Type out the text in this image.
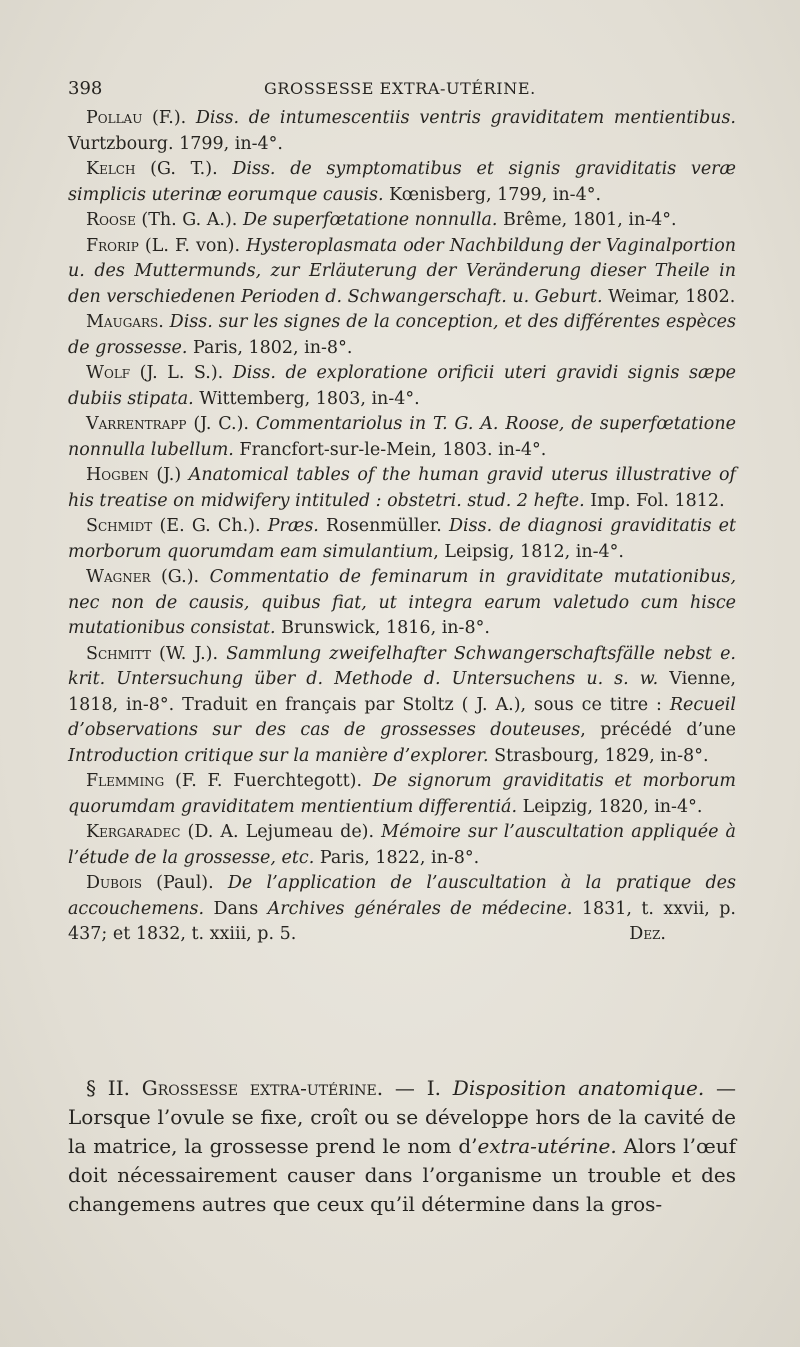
398	GROSSESSE EXTRA-UTÉRINE.

Pollau (F.). Diss. de intumescentiis ventris graviditatem mentientibus. Vurtzbourg. 1799, in-4°.

Kelch (G. T.). Diss. de symptomatibus et signis graviditatis veræ simplicis uterinæ eorumque causis. Kœnisberg, 1799, in-4°.

Roose (Th. G. A.). De superfœtatione nonnulla. Brême, 1801, in-4°.

Frorip (L. F. von). Hysteroplasmata oder Nachbildung der Vaginalportion u. des Muttermunds, zur Erläuterung der Veränderung dieser Theile in den verschiedenen Perioden d. Schwangerschaft. u. Geburt. Weimar, 1802.

Maugars. Diss. sur les signes de la conception, et des différentes espèces de grossesse. Paris, 1802, in-8°.

Wolf (J. L. S.). Diss. de exploratione orificii uteri gravidi signis sæpe dubiis stipata. Wittemberg, 1803, in-4°.

Varrentrapp (J. C.). Commentariolus in T. G. A. Roose, de superfœtatione nonnulla lubellum. Francfort-sur-le-Mein, 1803. in-4°.

Hogben (J.) Anatomical tables of the human gravid uterus illustrative of his treatise on midwifery intituled : obstetri. stud. 2 hefte. Imp. Fol. 1812.

Schmidt (E. G. Ch.). Præs. Rosenmüller. Diss. de diagnosi graviditatis et morborum quorumdam eam simulantium, Leipsig, 1812, in-4°.

Wagner (G.). Commentatio de feminarum in graviditate mutationibus, nec non de causis, quibus fiat, ut integra earum valetudo cum hisce mutationibus consistat. Brunswick, 1816, in-8°.

Schmitt (W. J.). Sammlung zweifelhafter Schwangerschaftsfälle nebst e. krit. Untersuchung über d. Methode d. Untersuchens u. s. w. Vienne, 1818, in-8°. Traduit en français par Stoltz ( J. A.), sous ce titre : Recueil d’observations sur des cas de grossesses douteuses, précédé d’une Introduction critique sur la manière d’explorer. Strasbourg, 1829, in-8°.

Flemming (F. F. Fuerchtegott). De signorum graviditatis et morborum quorumdam graviditatem mentientium differentiá. Leipzig, 1820, in-4°.

Kergaradec (D. A. Lejumeau de). Mémoire sur l’auscultation appliquée à l’étude de la grossesse, etc. Paris, 1822, in-8°.

Dubois (Paul). De l’application de l’auscultation à la pratique des accouchemens. Dans Archives générales de médecine. 1831, t. xxvii, p. 437; et 1832, t. xxiii, p. 5.	Dez.

§ II. Grossesse extra-utérine. — I. Disposition anatomique. — Lorsque l’ovule se fixe, croît ou se développe hors de la cavité de la matrice, la grossesse prend le nom d’extra-utérine. Alors l’œuf doit nécessairement causer dans l’organisme un trouble et des changemens autres que ceux qu’il détermine dans la gros-
